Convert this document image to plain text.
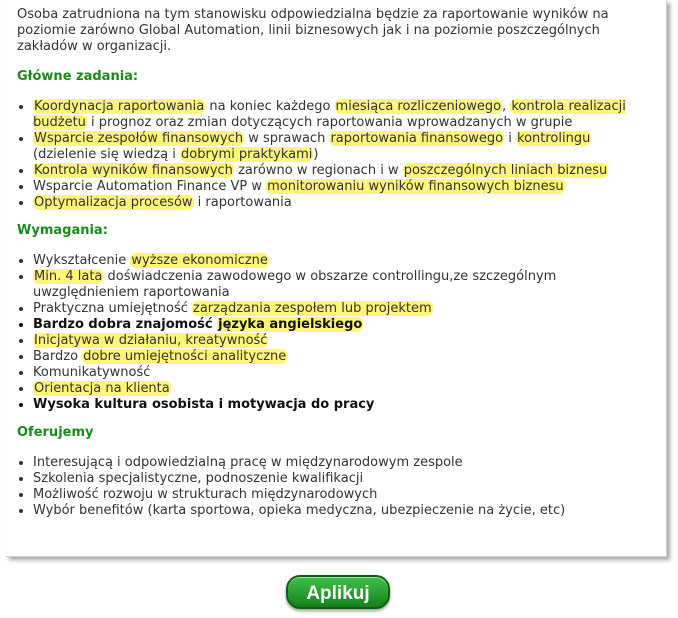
Osoba zatrudniona na tym stanowisku odpowiedzialna będzie za raportowanie wyników na poziomie zarówno Global Automation, linii biznesowych jak i na poziomie poszczególnych zakładów w organizacji.

Główne zadania:
• Koordynacja raportowania na koniec każdego miesiąca rozliczeniowego, kontrola realizacji budżetu i prognoz oraz zmian dotyczących raportowania wprowadzanych w grupie
• Wsparcie zespołów finansowych w sprawach raportowania finansowego i kontrolingu (dzielenie się wiedzą i dobrymi praktykami)
• Kontrola wyników finansowych zarówno w regionach i w poszczególnych liniach biznesu
• Wsparcie Automation Finance VP w monitorowaniu wyników finansowych biznesu
• Optymalizacja procesów i raportowania
Wymagania:
• Wykształcenie wyższe ekonomiczne
• Min. 4 lata doświadczenia zawodowego w obszarze controllingu,ze szczególnym uwzględnieniem raportowania
• Praktyczna umiejętność zarządzania zespołem lub projektem
• Bardzo dobra znajomość języka angielskiego
• Inicjatywa w działaniu, kreatywność
• Bardzo dobre umiejętności analityczne
• Komunikatywność
• Orientacja na klienta
• Wysoka kultura osobista i motywacja do pracy
Oferujemy
• Interesującą i odpowiedzialną pracę w międzynarodowym zespole
• Szkolenia specjalistyczne, podnoszenie kwalifikacji
• Możliwość rozwoju w strukturach międzynarodowych
• Wybór benefitów (karta sportowa, opieka medyczna, ubezpieczenie na życie, etc)
Aplikuj
